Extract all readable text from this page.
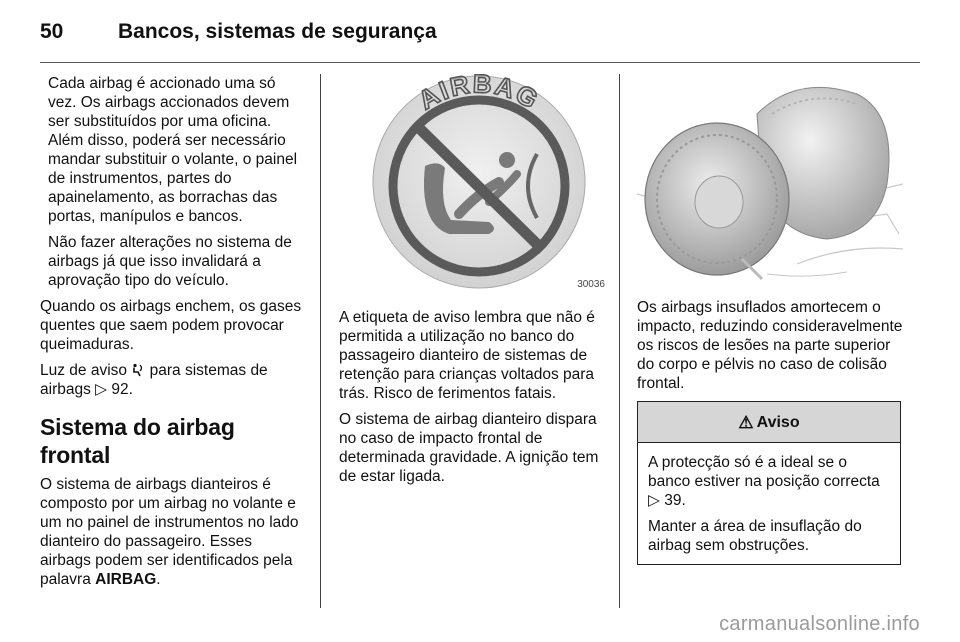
50	Bancos, sistemas de segurança

Cada airbag é accionado uma só vez. Os airbags accionados devem ser substituídos por uma oficina. Além disso, poderá ser necessário mandar substituir o volante, o painel de instrumentos, partes do apainelamento, as borrachas das portas, manípulos e bancos.

Não fazer alterações no sistema de airbags já que isso invalidará a aprovação tipo do veículo.

Quando os airbags enchem, os gases quentes que saem podem provocar queimaduras.

Luz de aviso  para sistemas de airbags ▷ 92.

Sistema do airbag frontal

O sistema de airbags dianteiros é composto por um airbag no volante e um no painel de instrumentos no lado dianteiro do passageiro. Esses airbags podem ser identificados pela palavra AIRBAG.

AIRBAG
30036

A etiqueta de aviso lembra que não é permitida a utilização no banco do passageiro dianteiro de sistemas de retenção para crianças voltados para trás. Risco de ferimentos fatais.

O sistema de airbag dianteiro dispara no caso de impacto frontal de determinada gravidade. A ignição tem de estar ligada.

Os airbags insuflados amortecem o impacto, reduzindo consideravelmente os riscos de lesões na parte superior do corpo e pélvis no caso de colisão frontal.

⚠ Aviso

A protecção só é a ideal se o banco estiver na posição correcta
▷ 39.

Manter a área de insuflação do airbag sem obstruções.

carmanualsonline.info
